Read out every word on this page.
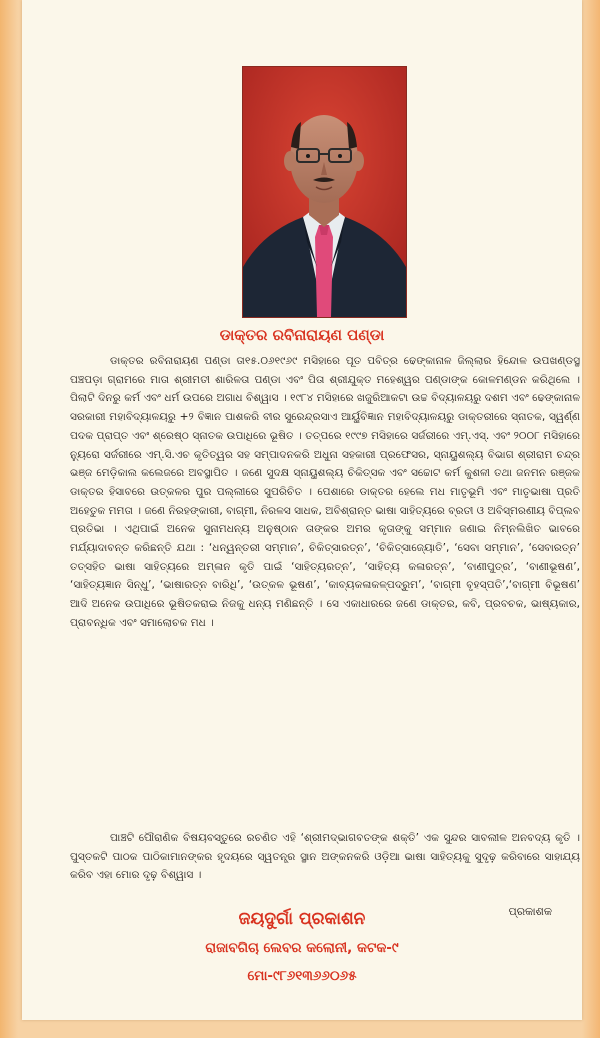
ଡାକ୍ତର ରବିନାରାୟଣ ପଣ୍ଡା

ଡାକ୍ତର ରବିନାରାୟଣ ପଣ୍ଡା ତା୧୫.୦୬୧୯୬୯ ମସିହାରେ ପୂତ ପବିତ୍ର ଢେଙ୍କାନାଳ ଜିଲ୍ଲାର ହିନ୍ଦୋଳ ଉପଖଣ୍ଡସ୍ଥ ପଞ୍ଚପଡ଼ା ଗ୍ରାମରେ ମାତା ଶ୍ରୀମତୀ ଶାରିଳତା ପଣ୍ଡା ଏବଂ ପିତା ଶ୍ରୀଯୁକ୍ତ ମହେଶ୍ୱର ପଣ୍ଡାଙ୍କ କୋଳମଣ୍ଡନ କରିଥିଲେ । ପିଲାଟି ଦିନରୁ କର୍ମ ଏବଂ ଧର୍ମ ଉପରେ ଅଗାଧ ବିଶ୍ୱାସ । ୧୯୮୪ ମସିହାରେ ଖଜୁରିଆକଟା ଉଚ୍ଚ ବିଦ୍ୟାଳୟରୁ ଦଶମ ଏବଂ ଢେଙ୍କାନାଳ ସରକାରୀ ମହାବିଦ୍ୟାଳୟରୁ +୨ ବିଜ୍ଞାନ ପାଶକରି ବୀର ସୁରେନ୍ଦ୍ରସାଏ ଆର୍ୟୁବିଜ୍ଞାନ ମହାବିଦ୍ୟାଳୟରୁ ଡାକ୍ତରୀରେ ସ୍ନାତକ, ସ୍ୱର୍ଣ୍ଣ ପଦକ ପ୍ରାପ୍ତ ଏବଂ ଶ୍ରେଷ୍ଠ ସ୍ନାତକ ଉପାଧିରେ ଭୂଷିତ । ତତ୍ପରେ ୧୯୯୭ ମସିହାରେ ସର୍ଜରୀରେ ଏମ୍.ଏସ୍. ଏବଂ ୨୦୦୮ ମସିହାରେ ନ୍ୟୁରୋ ସର୍ଜରୀରେ ଏମ୍.ସି.ଏଚ କୃତିତ୍ୱର ସହ ସମ୍ପାଦନକରି ଅଧୁନା ସହକାରୀ ପ୍ରଫେସର, ସ୍ନାୟୁଶଲ୍ୟ ବିଭାଗ ଶ୍ରୀରାମ ଚନ୍ଦ୍ର ଭଞ୍ଜ ମେଡ଼ିକାଲ କଲେଜରେ ଅବସ୍ଥାପିତ । ଜଣେ ସୁଦକ୍ଷ ସ୍ନାୟୁଶଲ୍ୟ ଚିକିତ୍ସକ ଏବଂ ସଚ୍ଚୋଟ କର୍ମ କୁଶଳୀ ତଥା ଜନମନ ରଞ୍ଜକ ଡାକ୍ତର ହିସାବରେ ଉତ୍କଳର ପୁର ପଲ୍ଲୀରେ ସୁପରିଚିତ । ପେଶାରେ ଡାକ୍ତର ହେଲେ ମଧ ମାତୃଭୂମି ଏବଂ ମାତୃଭାଷା ପ୍ରତି ଅହେତୁକ ମମତା । ଜଣେ ନିରହଙ୍କାରୀ, ବାଗ୍ମୀ, ନିରଳସ ସାଧକ, ଅବିଶ୍ରାନ୍ତ ଭାଷା ସାହିତ୍ୟରେ ବ୍ରତୀ ଓ ଅବିସ୍ମରଣୀୟ ବିପ୍ଲବ ପ୍ରତିଭା । ଏଥିପାଇଁ ଅନେକ ସୁନାମଧନ୍ୟ ଅନୁଷ୍ଠାନ ତାଙ୍କର ଅମର କୃତାଙ୍କୁ ସମ୍ମାନ ଜଣାଇ ନିମ୍ନଲିଖିତ ଭାବରେ ମର୍ଯ୍ୟାଦାବନ୍ତ କରିଛନ୍ତି ଯଥା : ‘ଧନ୍ୱନ୍ତରୀ ସମ୍ମାନ’, ଚିକିତ୍ସାରତ୍ନ’, ‘ଚିକିତ୍ସାଜ୍ୟୋତି’, ‘ସେବା ସମ୍ମାନ’, ‘ସେବାରତ୍ନ’ ତତ୍ସହିତ ଭାଷା ସାହିତ୍ୟରେ ଅମ୍ଳାନ କୃତି ପାଇଁ ‘ସାହିତ୍ୟରତ୍ନ’, ‘ସାହିତ୍ୟ କଳାରତ୍ନ’, ‘ବାଣୀପୁତ୍ର’, ‘ବାଣୀଭୂଷଣ’, ‘ସାହିତ୍ୟଜ୍ଞାନ ସିନ୍ଧୁ’, ‘ଭାଷାରତ୍ନ ବାରିଧି’, ‘ଉତ୍କଳ ଭୂଷଣ’, ‘କାବ୍ୟକଳାକଳ୍ପଦ୍ରୁମ’, ‘ବାଗ୍ମୀ ବୃହସ୍ପତି’,‘ବାଗ୍ମୀ ବିଭୂଷଣ’ ଆଦି ଅନେକ ଉପାଧିରେ ଭୂଷିତକରାଇ ନିଜକୁ ଧନ୍ୟ ମଣିଛନ୍ତି । ସେ ଏକାଧାରରେ ଜଣେ ଡାକ୍ତର, କବି, ପ୍ରବଚକ, ଭାଷ୍ୟକାର, ପ୍ରାବନ୍ଧିକ ଏବଂ ସମାଲୋଚକ ମଧ ।

ପାଞ୍ଚଟି ପୌରାଣିକ ବିଷୟବସ୍ତୁରେ ରଚଣିତ ଏହି ‘ଶ୍ରୀମଦ୍ଭାଗବତଙ୍କ ଶକ୍ତି’ ଏକ ସୁନ୍ଦର ସାବଲୀଳ ଅନବଦ୍ୟ କୃତି । ପୁସ୍ତକଟି ପାଠକ ପାଠିକାମାନଙ୍କର ହୃଦୟରେ ସ୍ୱତନ୍ତ୍ର ସ୍ଥାନ ଅଙ୍କନକରି ଓଡ଼ିଆ ଭାଷା ସାହିତ୍ୟକୁ ସୁଦୃଢ଼ କରିବାରେ ସାହାଯ୍ୟ କରିବ ଏହା ମୋର ଦୃଢ଼ ବିଶ୍ୱାସ ।

ପ୍ରକାଶକ
ଜୟଦୁର୍ଗା ପ୍ରକାଶନ
ରାଜାବଗିଚା ଲେବର କଲୋନୀ, କଟକ-୯
ମୋ-୯୮୬୧୩୬୬୦୬୫
